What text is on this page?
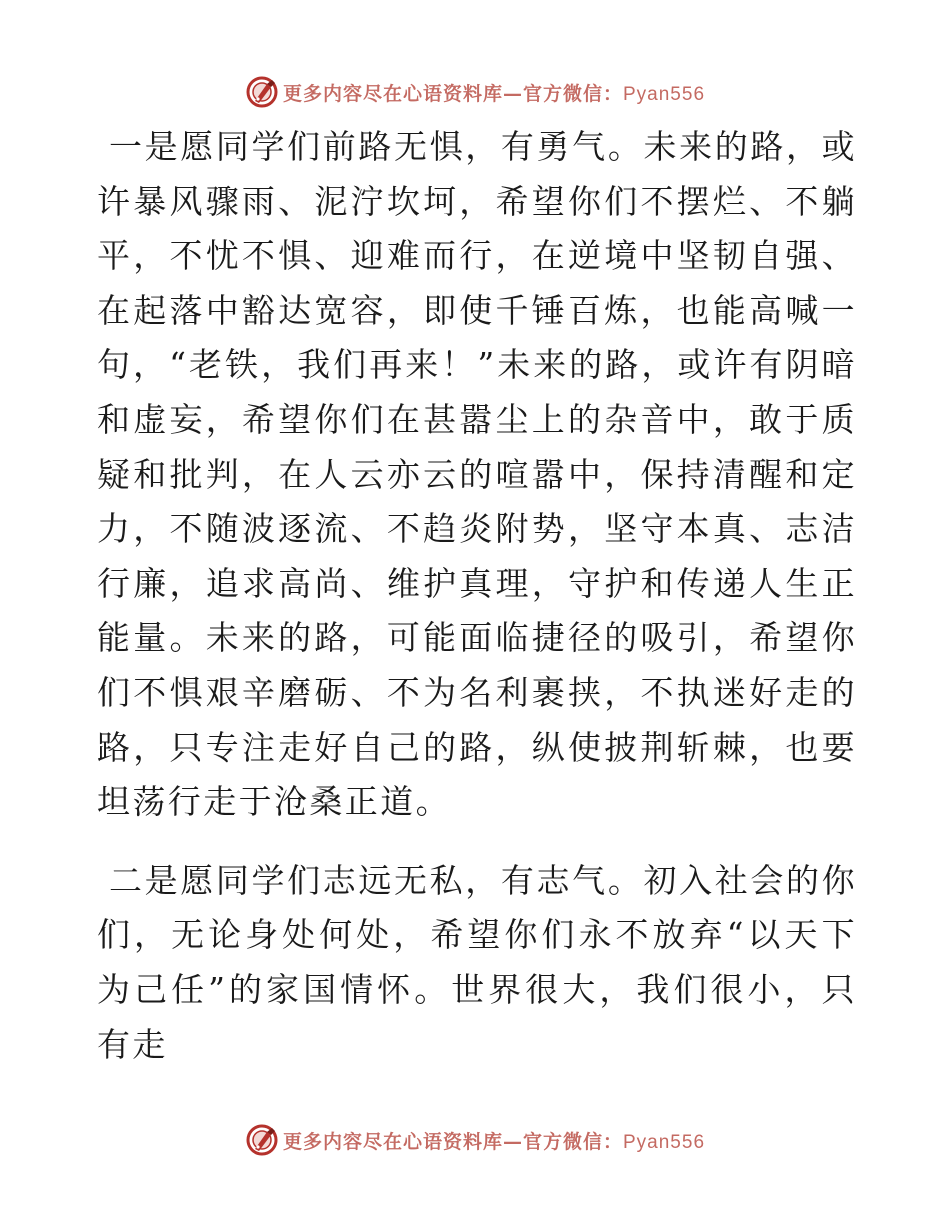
更多内容尽在心语资料库—官方微信：Pyan556

一是愿同学们前路无惧，有勇气。未来的路，或许暴风骤雨、泥泞坎坷，希望你们不摆烂、不躺平，不忧不惧、迎难而行，在逆境中坚韧自强、在起落中豁达宽容，即使千锤百炼，也能高喊一句，“老铁，我们再来！”未来的路，或许有阴暗和虚妄，希望你们在甚嚣尘上的杂音中，敢于质疑和批判，在人云亦云的喧嚣中，保持清醒和定力，不随波逐流、不趋炎附势，坚守本真、志洁行廉，追求高尚、维护真理，守护和传递人生正能量。未来的路，可能面临捷径的吸引，希望你们不惧艰辛磨砺、不为名利裹挟，不执迷好走的路，只专注走好自己的路，纵使披荆斩棘，也要坦荡行走于沧桑正道。

二是愿同学们志远无私，有志气。初入社会的你们，无论身处何处，希望你们永不放弃“以天下为己任”的家国情怀。世界很大，我们很小，只有走

更多内容尽在心语资料库—官方微信：Pyan556
